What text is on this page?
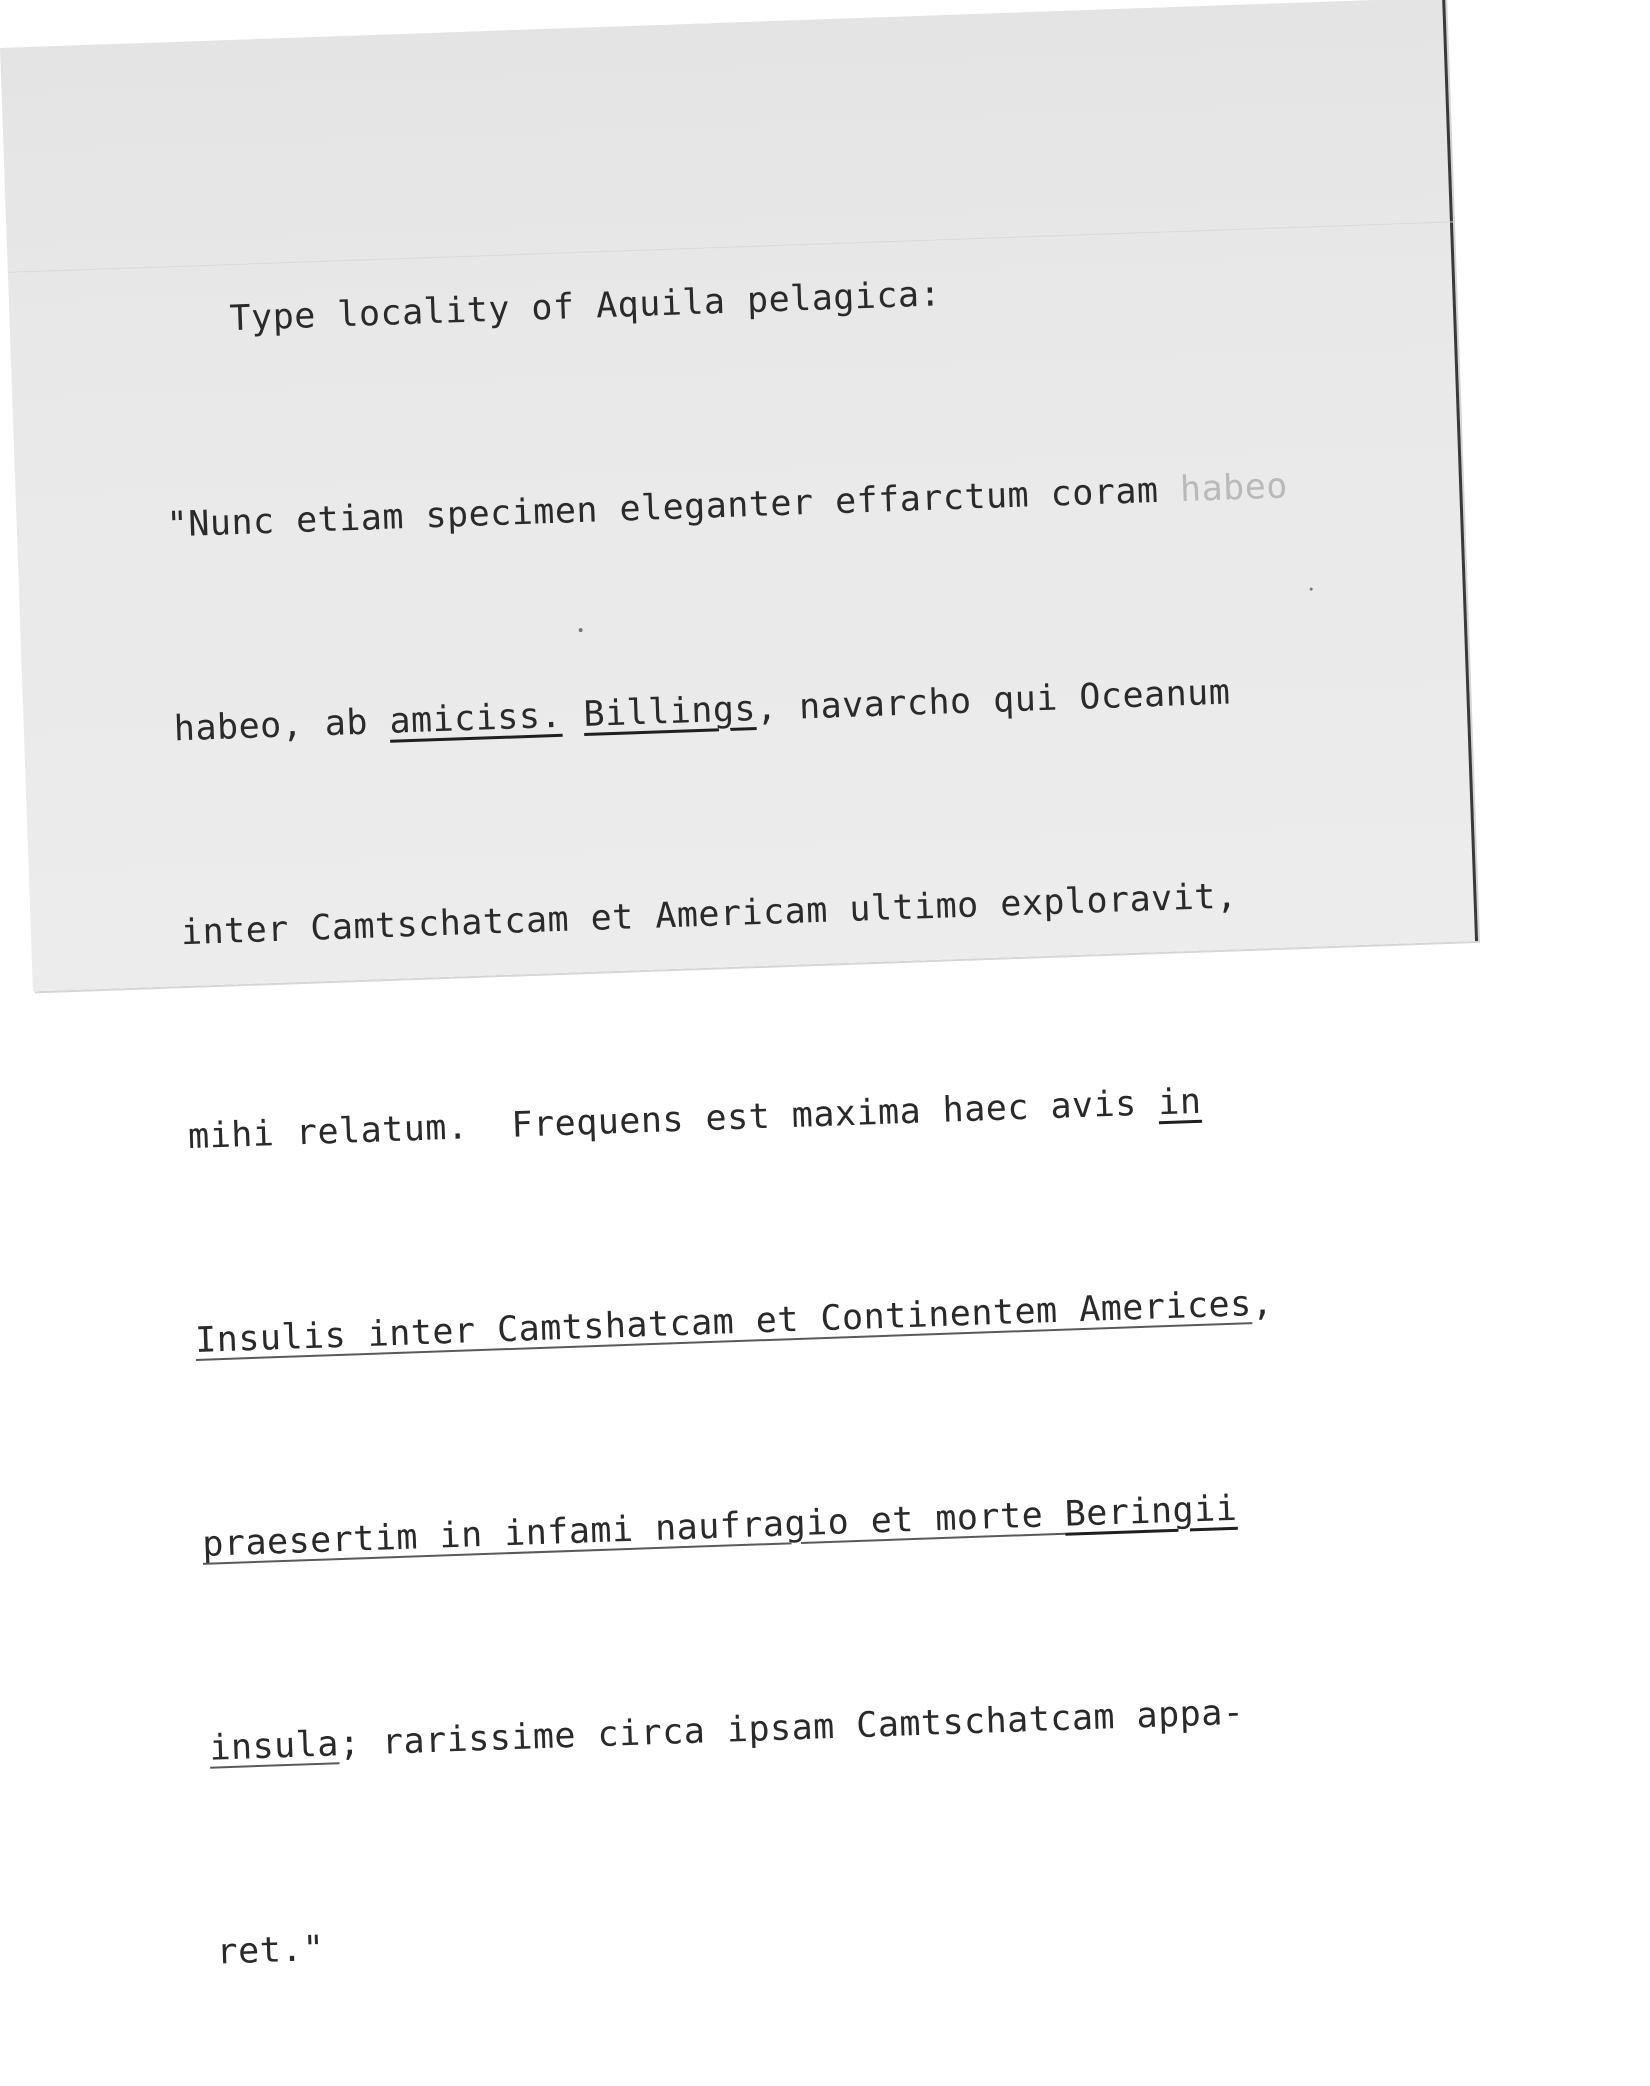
Type locality of Aquila pelagica:

"Nunc etiam specimen eleganter effarctum coram habeo

habeo, ab amiciss. Billings, navarcho qui Oceanum

inter Camtschatcam et Americam ultimo exploravit,

mihi relatum.  Frequens est maxima haec avis in

Insulis inter Camtshatcam et Continentem Americes,

praesertim in infami naufragio et morte Beringii

insula; rarissime circa ipsam Camtschatcam appa-

ret."
